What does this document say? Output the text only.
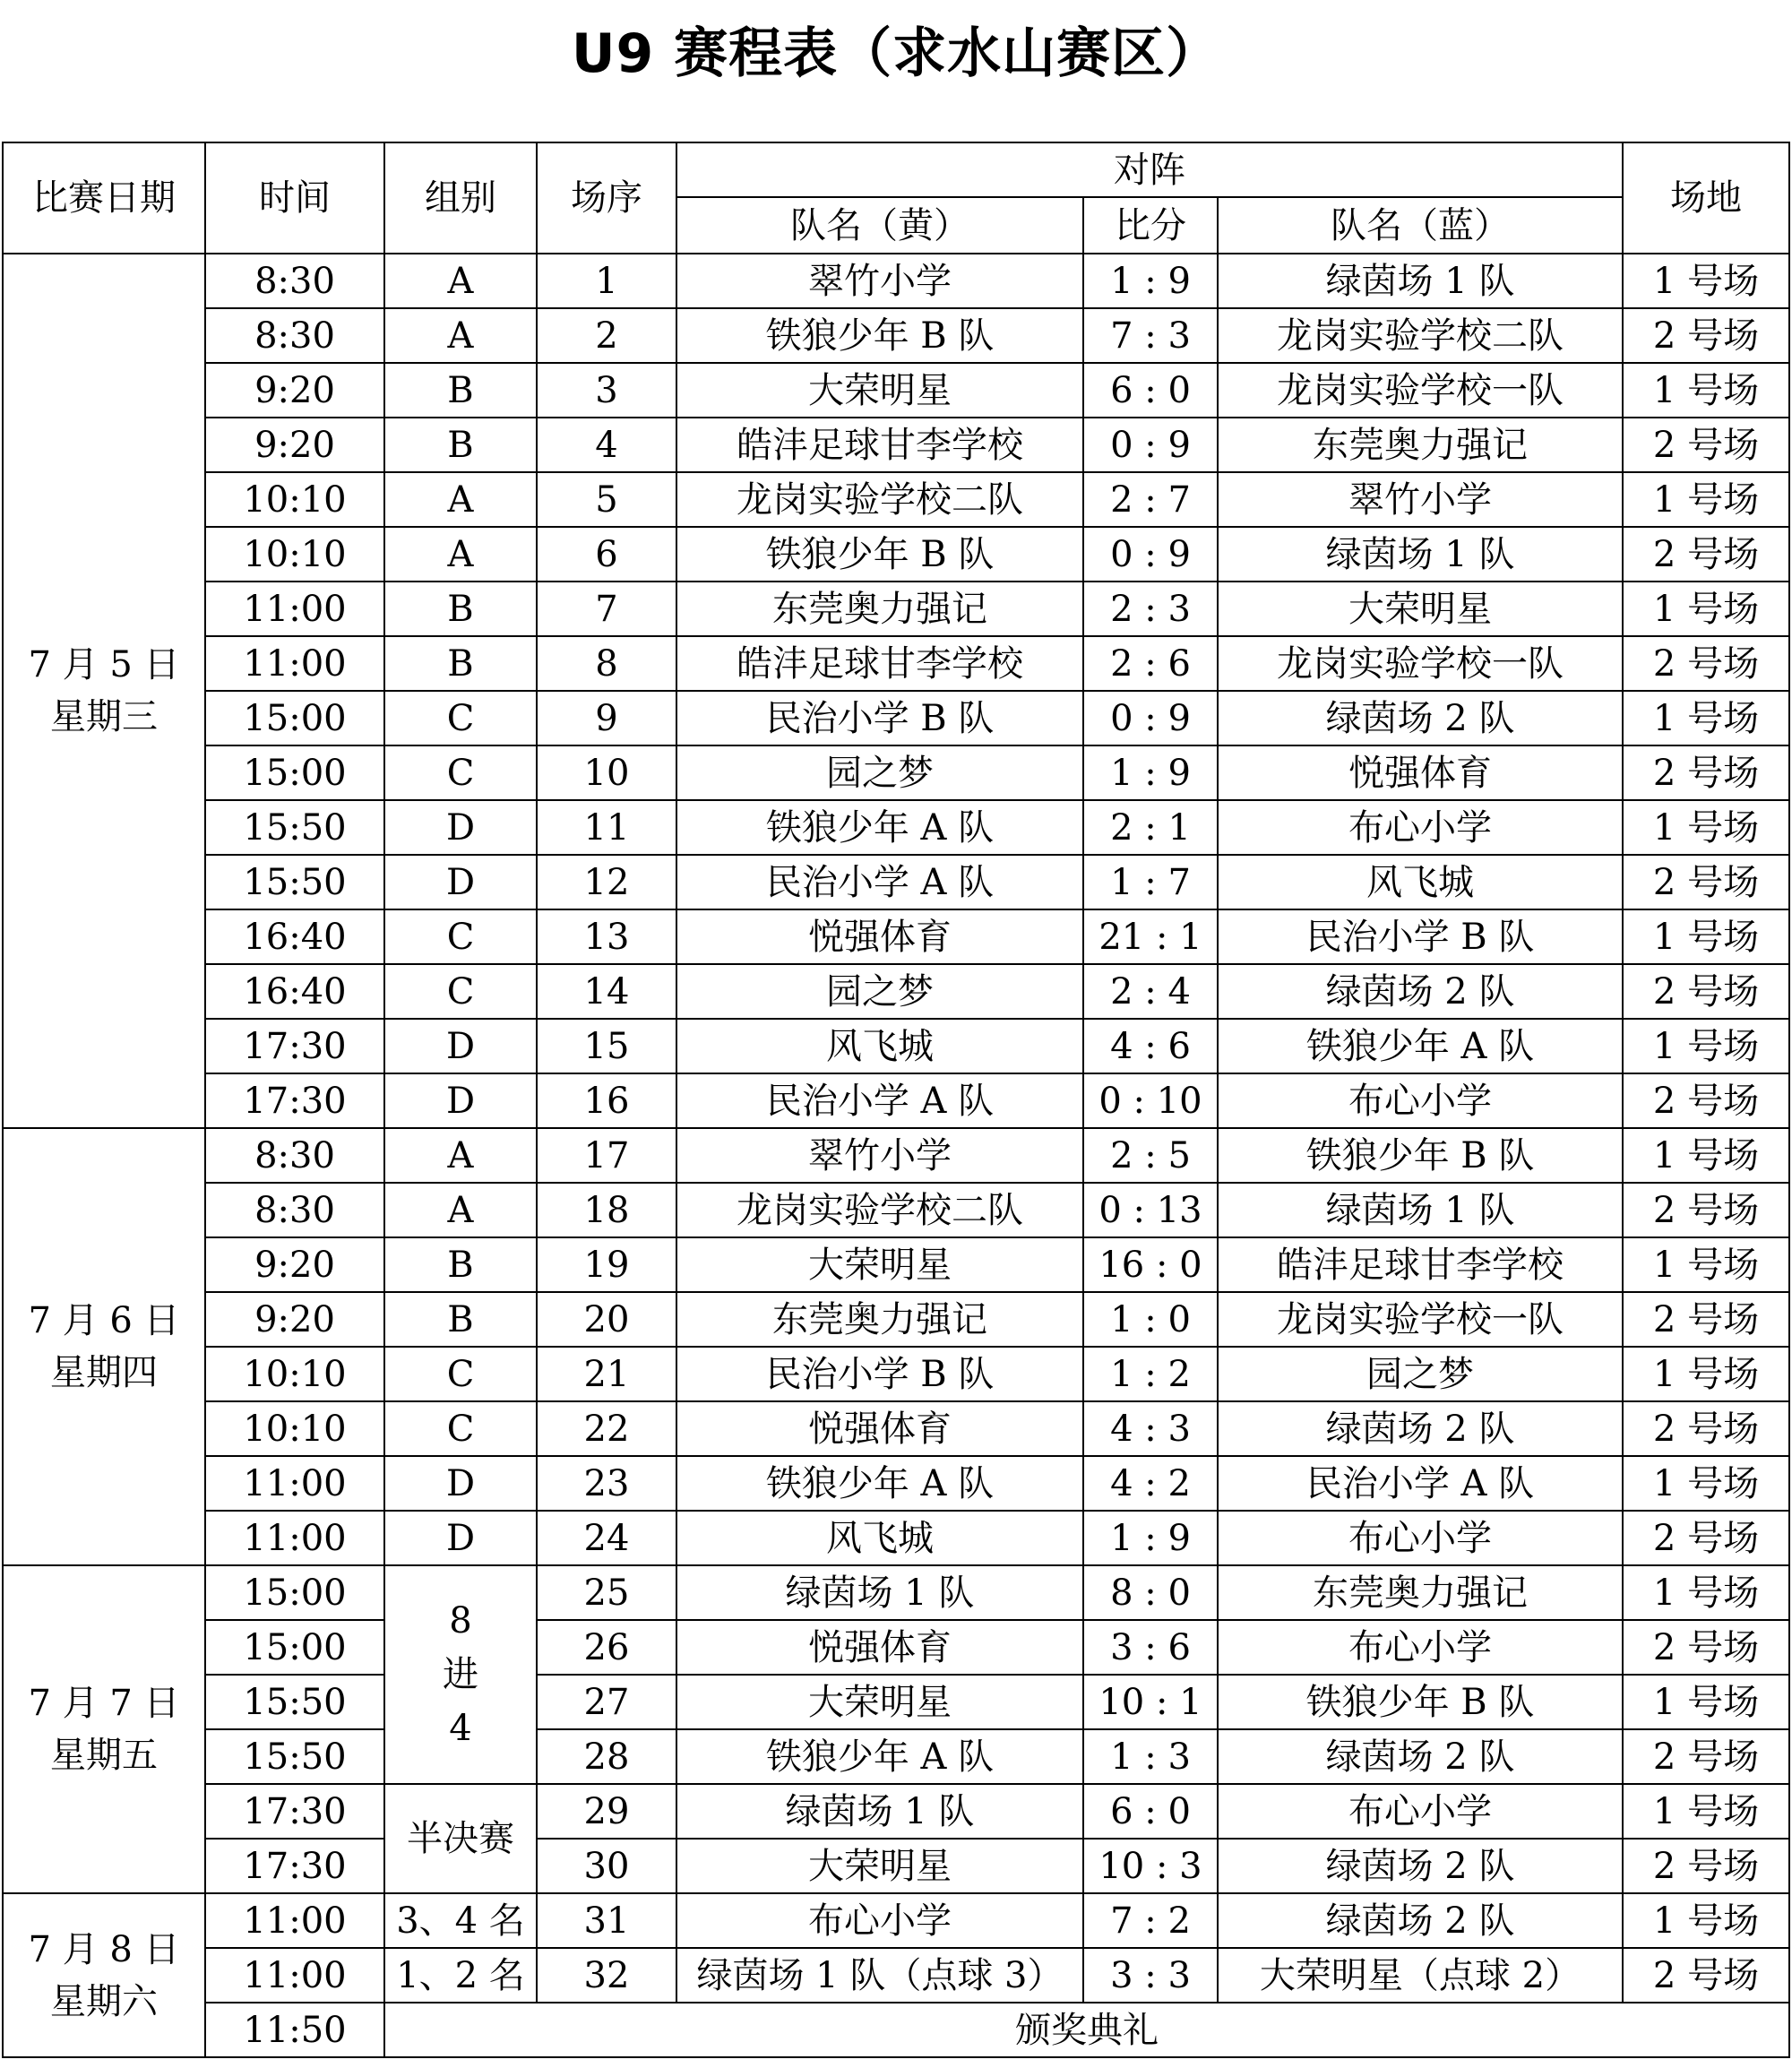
U9 赛程表（求水山赛区）
比赛日期	时间	组别	场序	对阵			场地
				队名（黄）	比分	队名（蓝）	

7 月 5 日
星期三	8:30	A	1	翠竹小学	1 : 9	绿茵场 1 队	1 号场
	8:30	A	2	铁狼少年 B 队	7 : 3	龙岗实验学校二队	2 号场
	9:20	B	3	大荣明星	6 : 0	龙岗实验学校一队	1 号场
	9:20	B	4	皓沣足球甘李学校	0 : 9	东莞奥力强记	2 号场
	10:10	A	5	龙岗实验学校二队	2 : 7	翠竹小学	1 号场
	10:10	A	6	铁狼少年 B 队	0 : 9	绿茵场 1 队	2 号场
	11:00	B	7	东莞奥力强记	2 : 3	大荣明星	1 号场
	11:00	B	8	皓沣足球甘李学校	2 : 6	龙岗实验学校一队	2 号场
	15:00	C	9	民治小学 B 队	0 : 9	绿茵场 2 队	1 号场
	15:00	C	10	园之梦	1 : 9	悦强体育	2 号场
	15:50	D	11	铁狼少年 A 队	2 : 1	布心小学	1 号场
	15:50	D	12	民治小学 A 队	1 : 7	风飞城	2 号场
	16:40	C	13	悦强体育	21 : 1	民治小学 B 队	1 号场
	16:40	C	14	园之梦	2 : 4	绿茵场 2 队	2 号场
	17:30	D	15	风飞城	4 : 6	铁狼少年 A 队	1 号场
	17:30	D	16	民治小学 A 队	0 : 10	布心小学	2 号场

7 月 6 日
星期四	8:30	A	17	翠竹小学	2 : 5	铁狼少年 B 队	1 号场
	8:30	A	18	龙岗实验学校二队	0 : 13	绿茵场 1 队	2 号场
	9:20	B	19	大荣明星	16 : 0	皓沣足球甘李学校	1 号场
	9:20	B	20	东莞奥力强记	1 : 0	龙岗实验学校一队	2 号场
	10:10	C	21	民治小学 B 队	1 : 2	园之梦	1 号场
	10:10	C	22	悦强体育	4 : 3	绿茵场 2 队	2 号场
	11:00	D	23	铁狼少年 A 队	4 : 2	民治小学 A 队	1 号场
	11:00	D	24	风飞城	1 : 9	布心小学	2 号场

7 月 7 日
星期五	15:00	8
进
4	25	绿茵场 1 队	8 : 0	东莞奥力强记	1 号场
	15:00		26	悦强体育	3 : 6	布心小学	2 号场
	15:50		27	大荣明星	10 : 1	铁狼少年 B 队	1 号场
	15:50		28	铁狼少年 A 队	1 : 3	绿茵场 2 队	2 号场
	17:30	半决赛	29	绿茵场 1 队	6 : 0	布心小学	1 号场
	17:30		30	大荣明星	10 : 3	绿茵场 2 队	2 号场

7 月 8 日
星期六	11:00	3、4 名	31	布心小学	7 : 2	绿茵场 2 队	1 号场
	11:00	1、2 名	32	绿茵场 1 队（点球 3）	3 : 3	大荣明星（点球 2）	2 号场
	11:50	颁奖典礼					
